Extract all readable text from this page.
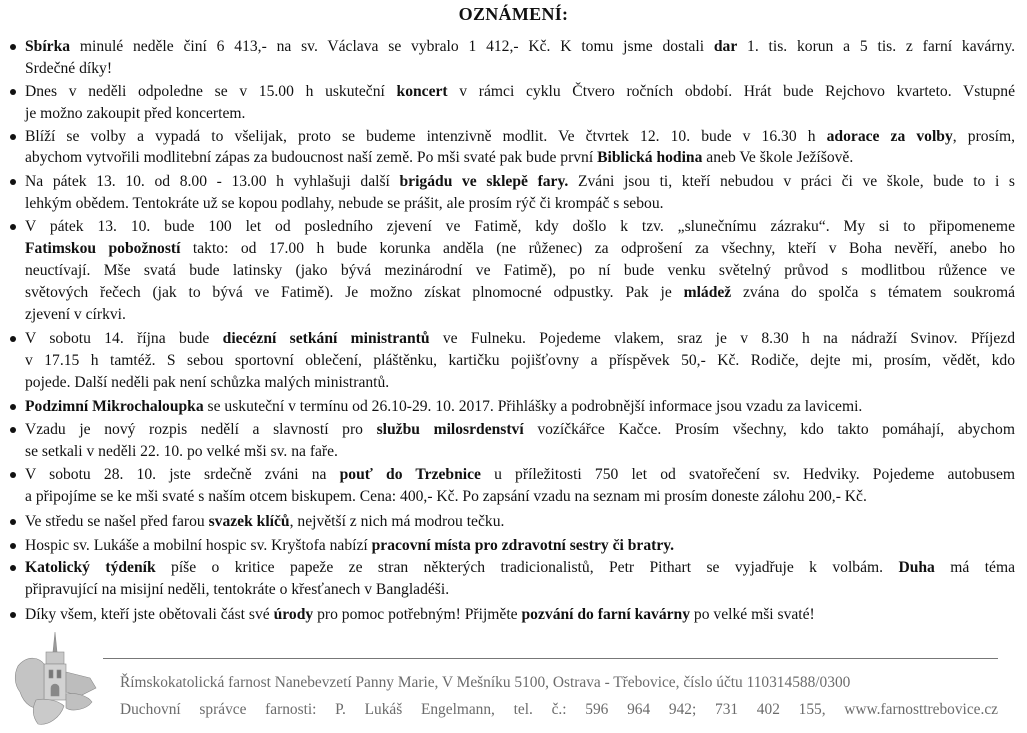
OZNÁMENÍ:
Sbírka minulé neděle činí 6 413,- na sv. Václava se vybralo 1 412,- Kč. K tomu jsme dostali dar 1. tis. korun a 5 tis. z farní kavárny.
Srdečné díky!
Dnes v neděli odpoledne se v 15.00 h uskuteční koncert v rámci cyklu Čtvero ročních období. Hrát bude Rejchovo kvarteto. Vstupné
je možno zakoupit před koncertem.
Blíží se volby a vypadá to všelijak, proto se budeme intenzivně modlit. Ve čtvrtek 12. 10. bude v 16.30 h adorace za volby, prosím,
abychom vytvořili modlitební zápas za budoucnost naší země. Po mši svaté pak bude první Biblická hodina aneb Ve škole Ježíšově.
Na pátek 13. 10. od 8.00 - 13.00 h vyhlašuji další brigádu ve sklepě fary. Zváni jsou ti, kteří nebudou v práci či ve škole, bude to i s
lehkým obědem. Tentokráte už se kopou podlahy, nebude se prášit, ale prosím rýč či krompáč s sebou.
V pátek 13. 10. bude 100 let od posledního zjevení ve Fatimě, kdy došlo k tzv. „slunečnímu zázraku“. My si to připomeneme
Fatimskou pobožností takto: od 17.00 h bude korunka anděla (ne růženec) za odprošení za všechny, kteří v Boha nevěří, anebo ho
neuctívají. Mše svatá bude latinsky (jako bývá mezinárodní ve Fatimě), po ní bude venku světelný průvod s modlitbou růžence ve
světových řečech (jak to bývá ve Fatimě). Je možno získat plnomocné odpustky. Pak je mládež zvána do spolča s tématem soukromá
zjevení v církvi.
V sobotu 14. října bude diecézní setkání ministrantů ve Fulneku. Pojedeme vlakem, sraz je v 8.30 h na nádraží Svinov. Příjezd
v 17.15 h tamtéž. S sebou sportovní oblečení, pláštěnku, kartičku pojišťovny a příspěvek 50,- Kč. Rodiče, dejte mi, prosím, vědět, kdo
pojede. Další neděli pak není schůzka malých ministrantů.
Podzimní Mikrochaloupka se uskuteční v termínu od 26.10-29. 10. 2017. Přihlášky a podrobnější informace jsou vzadu za lavicemi.
Vzadu je nový rozpis nedělí a slavností pro službu milosrdenství vozíčkářce Kačce. Prosím všechny, kdo takto pomáhají, abychom
se setkali v neděli 22. 10. po velké mši sv. na faře.
V sobotu 28. 10. jste srdečně zváni na pouť do Trzebnice u příležitosti 750 let od svatořečení sv. Hedviky. Pojedeme autobusem
a připojíme se ke mši svaté s naším otcem biskupem. Cena: 400,- Kč. Po zapsání vzadu na seznam mi prosím doneste zálohu 200,- Kč.
Ve středu se našel před farou svazek klíčů, největší z nich má modrou tečku.
Hospic sv. Lukáše a mobilní hospic sv. Kryštofa nabízí pracovní místa pro zdravotní sestry či bratry.
Katolický týdeník píše o kritice papeže ze stran některých tradicionalistů, Petr Pithart se vyjadřuje k volbám. Duha má téma
připravující na misijní neděli, tentokráte o křesťanech v Bangladéši.
Díky všem, kteří jste obětovali část své úrody pro pomoc potřebným! Přijměte pozvání do farní kavárny po velké mši svaté!
Římskokatolická farnost Nanebevzetí Panny Marie, V Mešníku 5100, Ostrava - Třebovice, číslo účtu 110314588/0300
Duchovní správce farnosti: P. Lukáš Engelmann, tel. č.: 596 964 942; 731 402 155, www.farnosttrebovice.cz
